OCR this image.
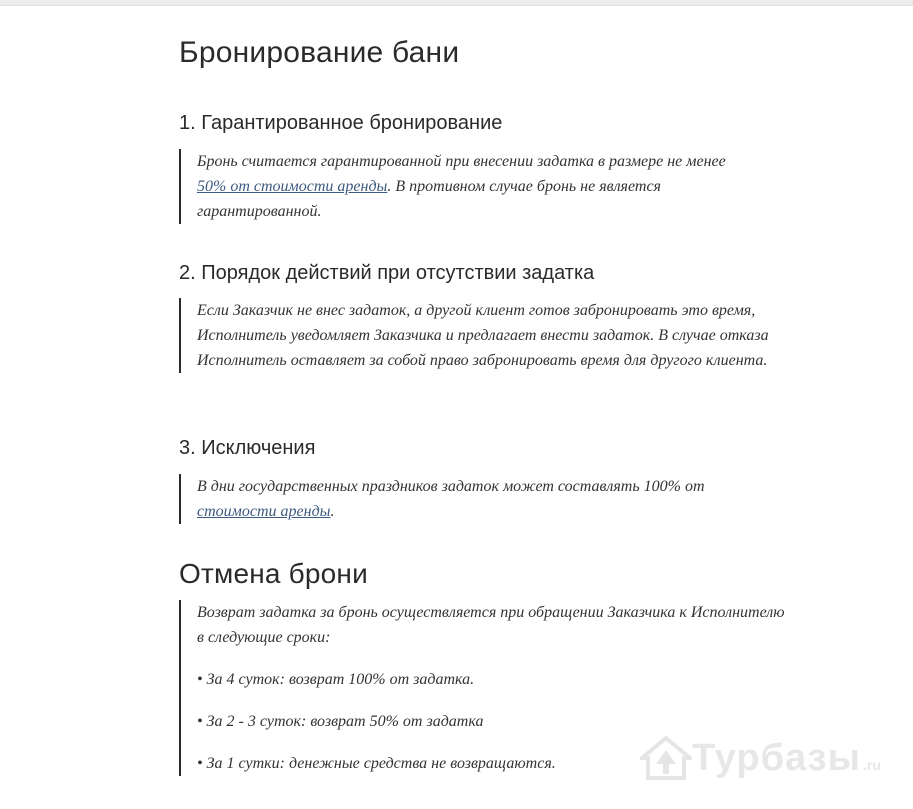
Бронирование бани
1. Гарантированное бронирование

Бронь считается гарантированной при внесении задатка в размере не менее
50% от стоимости аренды. В противном случае бронь не является гарантированной.

2. Порядок действий при отсутствии задатка

Если Заказчик не внес задаток, а другой клиент готов забронировать это время, Исполнитель уведомляет Заказчика и предлагает внести задаток. В случае отказа Исполнитель оставляет за собой право забронировать время для другого клиента.

3. Исключения

В дни государственных праздников задаток может составлять 100% от
стоимости аренды.

Отмена брони

Возврат задатка за бронь осуществляется при обращении Заказчика к Исполнителю в следующие сроки:

• За 4 суток: возврат 100% от задатка.

• За 2 - 3 суток: возврат 50% от задатка

• За 1 сутки: денежные средства не возвращаются.	Турбазы .ru
